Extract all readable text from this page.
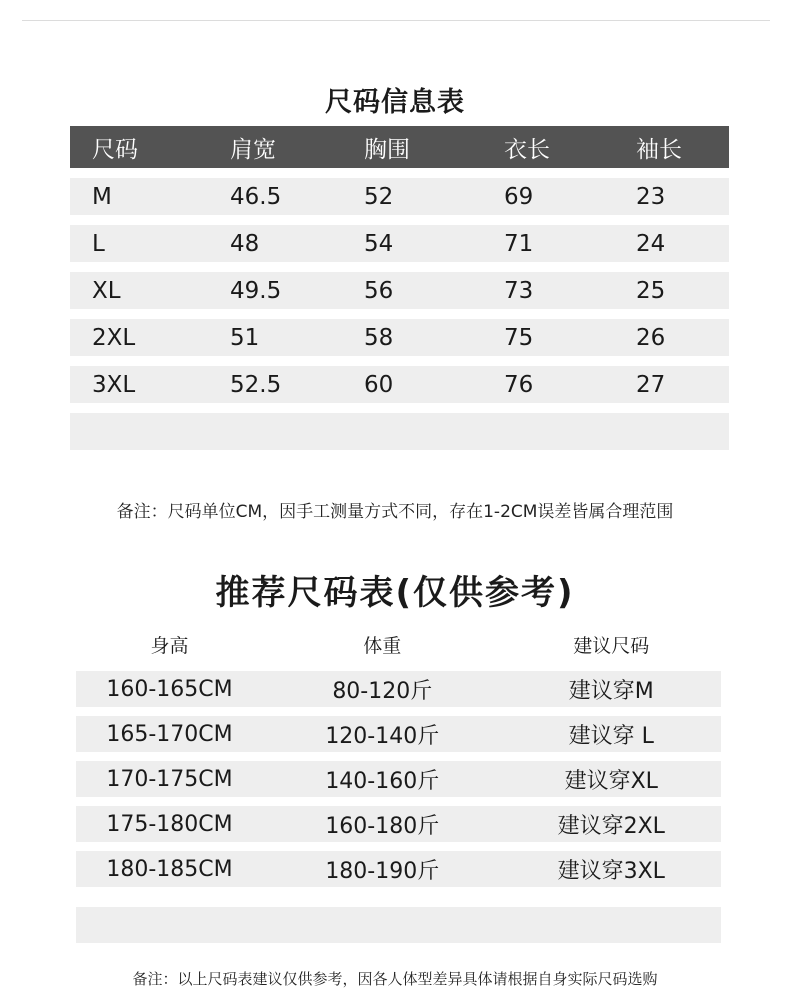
尺码信息表
尺码	肩宽	胸围	衣长	袖长
M	46.5	52	69	23
L	48	54	71	24
XL	49.5	56	73	25
2XL	51	58	75	26
3XL	52.5	60	76	27
备注：尺码单位CM，因手工测量方式不同，存在1-2CM误差皆属合理范围
推荐尺码表(仅供参考)
身高	体重	建议尺码
160-165CM	80-120斤	建议穿M
165-170CM	120-140斤	建议穿 L
170-175CM	140-160斤	建议穿XL
175-180CM	160-180斤	建议穿2XL
180-185CM	180-190斤	建议穿3XL
备注：以上尺码表建议仅供参考，因各人体型差异具体请根据自身实际尺码选购
